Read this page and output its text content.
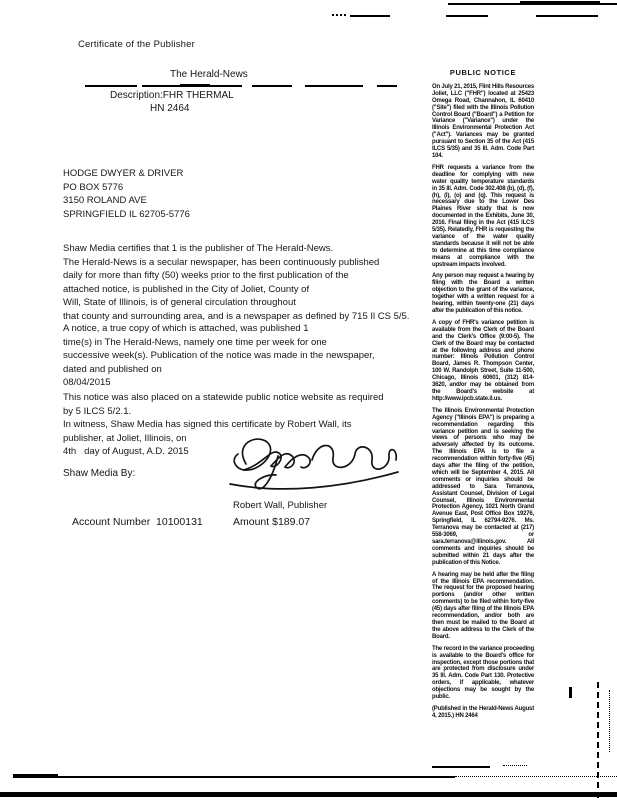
Certificate of the Publisher
The Herald-News
Description:FHR THERMAL
HN 2464
HODGE DWYER & DRIVER
PO BOX 5776
3150 ROLAND AVE
SPRINGFIELD IL 62705-5776
Shaw Media certifies that 1 is the publisher of The Herald-News.
The Herald-News is a secular newspaper, has been continuously published
daily for more than fifty (50) weeks prior to the first publication of the
attached notice, is published in the City of Joliet, County of
Will, State of Illinois, is of general circulation throughout
that county and surrounding area, and is a newspaper as defined by 715 Il CS 5/5.
A notice, a true copy of which is attached, was published 1
time(s) in The Herald-News, namely one time per week for one
successive week(s). Publication of the notice was made in the newspaper,
dated and published on
08/04/2015
This notice was also placed on a statewide public notice website as required
by 5 ILCS 5/2.1.
In witness, Shaw Media has signed this certificate by Robert Wall, its
publisher, at Joliet, Illinois, on
4th   day of August, A.D. 2015
Shaw Media By:
Robert Wall, Publisher
Account Number  10100131	Amount $189.07
PUBLIC NOTICE

On July 21, 2015, Flint Hills Resources Joliet, LLC ("FHR") located at 25423 Omega Road, Channahon, IL 60410 ("Site") filed with the Illinois Pollution Control Board ("Board") a Petition for Variance ("Variance") under the Illinois Environmental Protection Act ("Act"). Variances may be granted pursuant to Section 35 of the Act (415 ILCS 5/35) and 35 Ill. Adm. Code Part 104.

FHR requests a variance from the deadline for complying with new water quality temperature standards in 35 Ill. Adm. Code 302.408 (b), (d), (f), (h), (l), (o) and (q). This request is necessary due to the Lower Des Plaines River study that is now documented in the Exhibits, June 30, 2016. Final filing in the Act (415 ILCS 5/35). Relatedly, FHR is requesting the variance of the water quality standards because it will not be able to determine at this time compliance means at compliance with the upstream impacts involved.

Any person may request a hearing by filing with the Board a written objection to the grant of the variance, together with a written request for a hearing, within twenty-one (21) days after the publication of this notice.

A copy of FHR's variance petition is available from the Clerk of the Board and the Clerk's Office (9:00-5). The Clerk of the Board may be contacted at the following address and phone number: Illinois Pollution Control Board, James R. Thompson Center, 100 W. Randolph Street, Suite 11-500, Chicago, Illinois 60601, (312) 814-3620, and/or may be obtained from the Board's website at http://www.ipcb.state.il.us.

The Illinois Environmental Protection Agency ("Illinois EPA") is preparing a recommendation regarding this variance petition and is seeking the views of persons who may be adversely affected by its outcome. The Illinois EPA is to file a recommendation within forty-five (45) days after the filing of the petition, which will be September 4, 2015. All comments or inquiries should be addressed to Sara Terranova, Assistant Counsel, Division of Legal Counsel, Illinois Environmental Protection Agency, 1021 North Grand Avenue East, Post Office Box 19276, Springfield, IL 62794-9276. Ms. Terranova may be contacted at (217) 558-3069, or sara.terranova@illinois.gov. All comments and inquiries should be submitted within 21 days after the publication of this Notice.

A hearing may be held after the filing of the Illinois EPA recommendation. The request for the proposed hearing portions (and/or other written comments) to be filed within forty-five (45) days after filing of the Illinois EPA recommendation, and/or both are then must be mailed to the Board at the above address to the Clerk of the Board.

The record in the variance proceeding is available to the Board's office for inspection, except those portions that are protected from disclosure under 35 Ill. Adm. Code Part 130. Protective orders, if applicable, whatever objections may be sought by the public.

(Published in the Herald-News August 4, 2015.) HN 2464
